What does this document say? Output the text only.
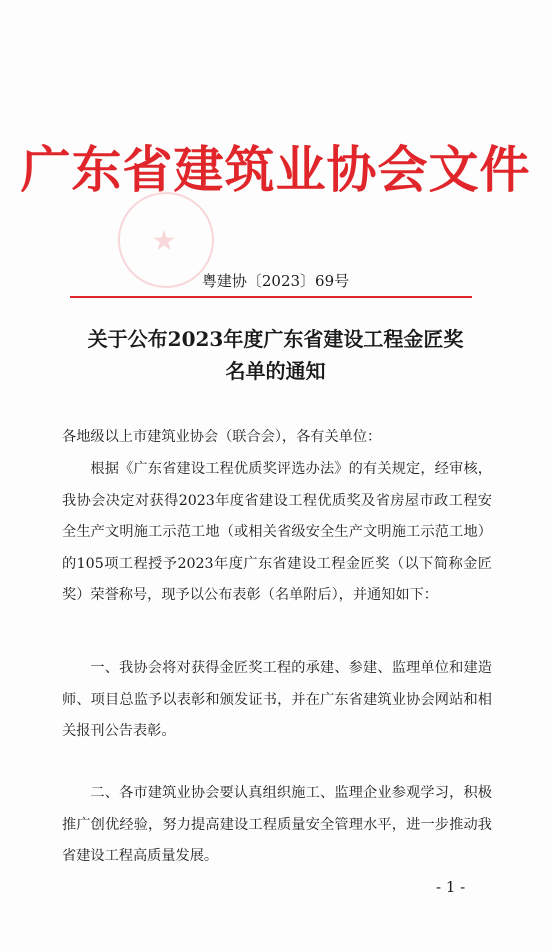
★
广东省建筑业协会文件
粤建协〔2023〕69号
关于公布2023年度广东省建设工程金匠奖
名单的通知

各地级以上市建筑业协会（联合会），各有关单位：

根据《广东省建设工程优质奖评选办法》的有关规定，经审核，我协会决定对获得2023年度省建设工程优质奖及省房屋市政工程安全生产文明施工示范工地（或相关省级安全生产文明施工示范工地）的105项工程授予2023年度广东省建设工程金匠奖（以下简称金匠奖）荣誉称号，现予以公布表彰（名单附后），并通知如下：

一、我协会将对获得金匠奖工程的承建、参建、监理单位和建造师、项目总监予以表彰和颁发证书，并在广东省建筑业协会网站和相关报刊公告表彰。

二、各市建筑业协会要认真组织施工、监理企业参观学习，积极推广创优经验，努力提高建设工程质量安全管理水平，进一步推动我省建设工程高质量发展。

- 1 -
